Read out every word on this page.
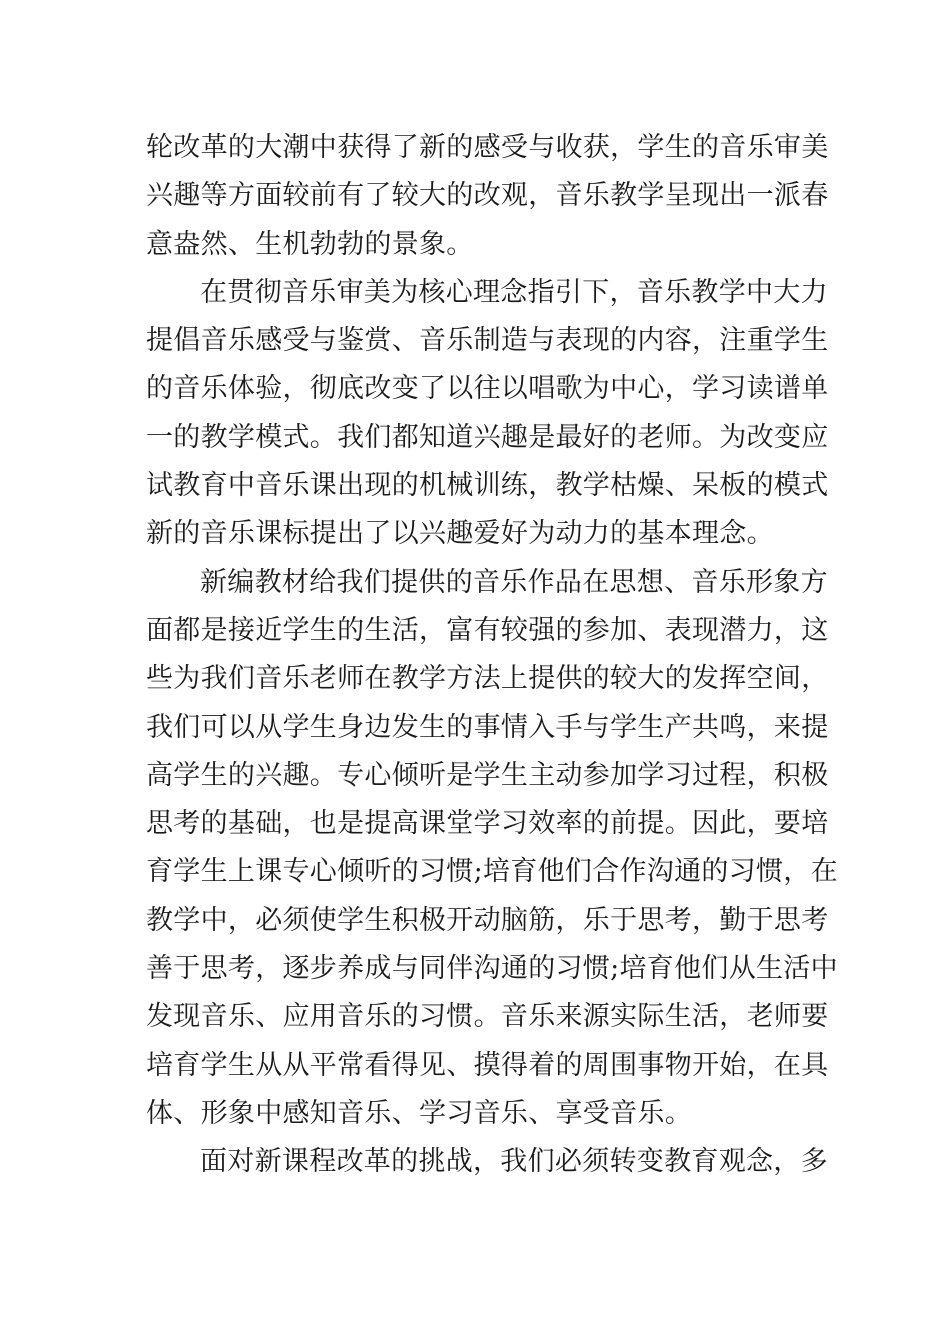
轮改革的大潮中获得了新的感受与收获，学生的音乐审美
兴趣等方面较前有了较大的改观，音乐教学呈现出一派春
意盎然、生机勃勃的景象。
在贯彻音乐审美为核心理念指引下，音乐教学中大力
提倡音乐感受与鉴赏、音乐制造与表现的内容，注重学生
的音乐体验，彻底改变了以往以唱歌为中心，学习读谱单
一的教学模式。我们都知道兴趣是最好的老师。为改变应
试教育中音乐课出现的机械训练，教学枯燥、呆板的模式
新的音乐课标提出了以兴趣爱好为动力的基本理念。
新编教材给我们提供的音乐作品在思想、音乐形象方
面都是接近学生的生活，富有较强的参加、表现潜力，这
些为我们音乐老师在教学方法上提供的较大的发挥空间，
我们可以从学生身边发生的事情入手与学生产共鸣，来提
高学生的兴趣。专心倾听是学生主动参加学习过程，积极
思考的基础，也是提高课堂学习效率的前提。因此，要培
育学生上课专心倾听的习惯;培育他们合作沟通的习惯，在
教学中，必须使学生积极开动脑筋，乐于思考，勤于思考
善于思考，逐步养成与同伴沟通的习惯;培育他们从生活中
发现音乐、应用音乐的习惯。音乐来源实际生活，老师要
培育学生从从平常看得见、摸得着的周围事物开始，在具
体、形象中感知音乐、学习音乐、享受音乐。
面对新课程改革的挑战，我们必须转变教育观念，多
